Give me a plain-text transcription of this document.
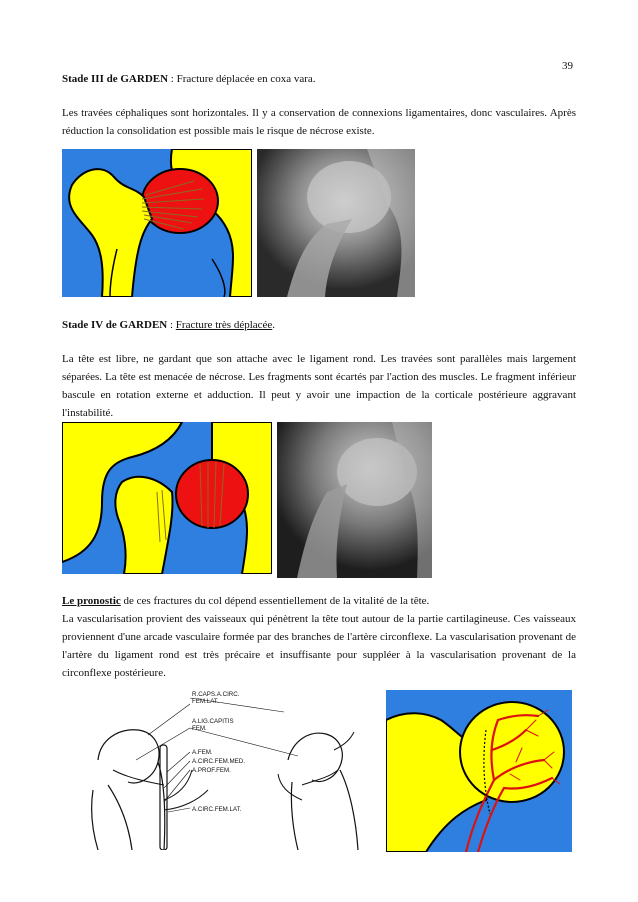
39
Stade III de GARDEN : Fracture déplacée en coxa vara.
Les travées céphaliques sont horizontales. Il y a conservation de connexions ligamentaires, donc vasculaires. Après réduction la consolidation est possible mais le risque de nécrose existe.
Stade IV de GARDEN : Fracture très déplacée.
La tête est libre, ne gardant que son attache avec le ligament rond. Les travées sont parallèles mais largement séparées. La tête est menacée de nécrose. Les fragments sont écartés par l'action des muscles. Le fragment inférieur bascule en rotation externe et adduction. Il peut y avoir une impaction de la corticale postérieure aggravant l'instabilité.
Le pronostic de ces fractures du col dépend essentiellement de la vitalité de la tête.
La vascularisation provient des vaisseaux qui pénètrent la tête tout autour de la partie cartilagineuse. Ces vaisseaux proviennent d'une arcade vasculaire formée par des branches de l'artère circonflexe. La vascularisation provenant de l'artère du ligament rond est très précaire et insuffisante pour suppléer à la vascularisation provenant de la circonflexe postérieure.
R.CAPS.A.CIRC.
FEM.LAT.
A.LIG.CAPITIS
FEM.
A.FEM.
A.CIRC.FEM.MED.
A.PROF.FEM.
A.CIRC.FEM.LAT.
